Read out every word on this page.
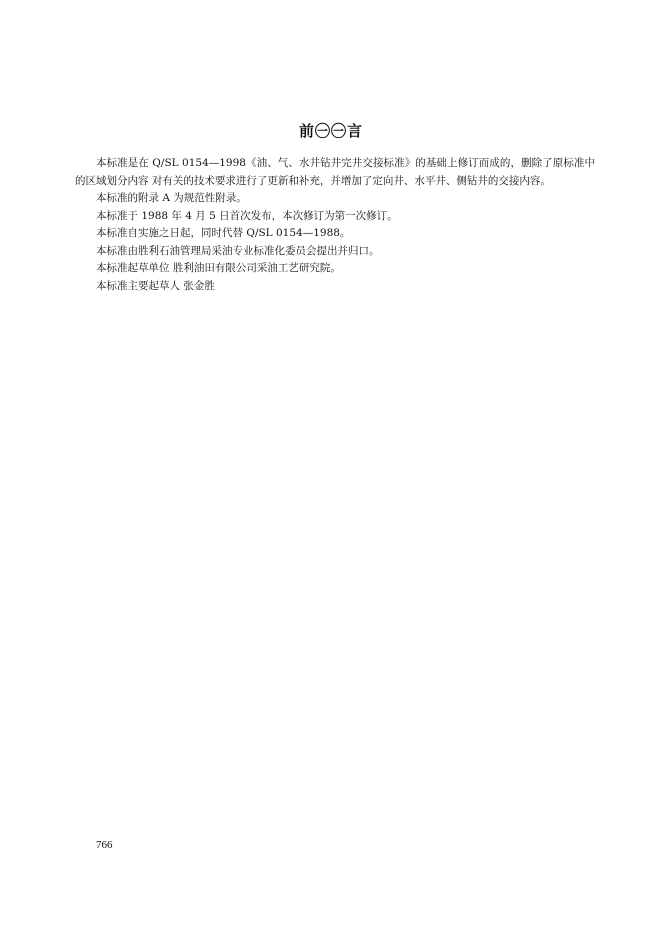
前㊀㊀言

本标准是在 Q/SL 0154—1998《油、气、水井钻井完井交接标准》的基础上修订而成的，删除了原标准中的区域划分内容 对有关的技术要求进行了更新和补充，并增加了定向井、水平井、侧钻井的交接内容。

本标准的附录 A 为规范性附录。

本标准于 1988 年 4 月 5 日首次发布，本次修订为第一次修订。

本标准自实施之日起，同时代替 Q/SL 0154—1988。

本标准由胜利石油管理局采油专业标准化委员会提出并归口。

本标准起草单位 胜利油田有限公司采油工艺研究院。

本标准主要起草人 张金胜

766
